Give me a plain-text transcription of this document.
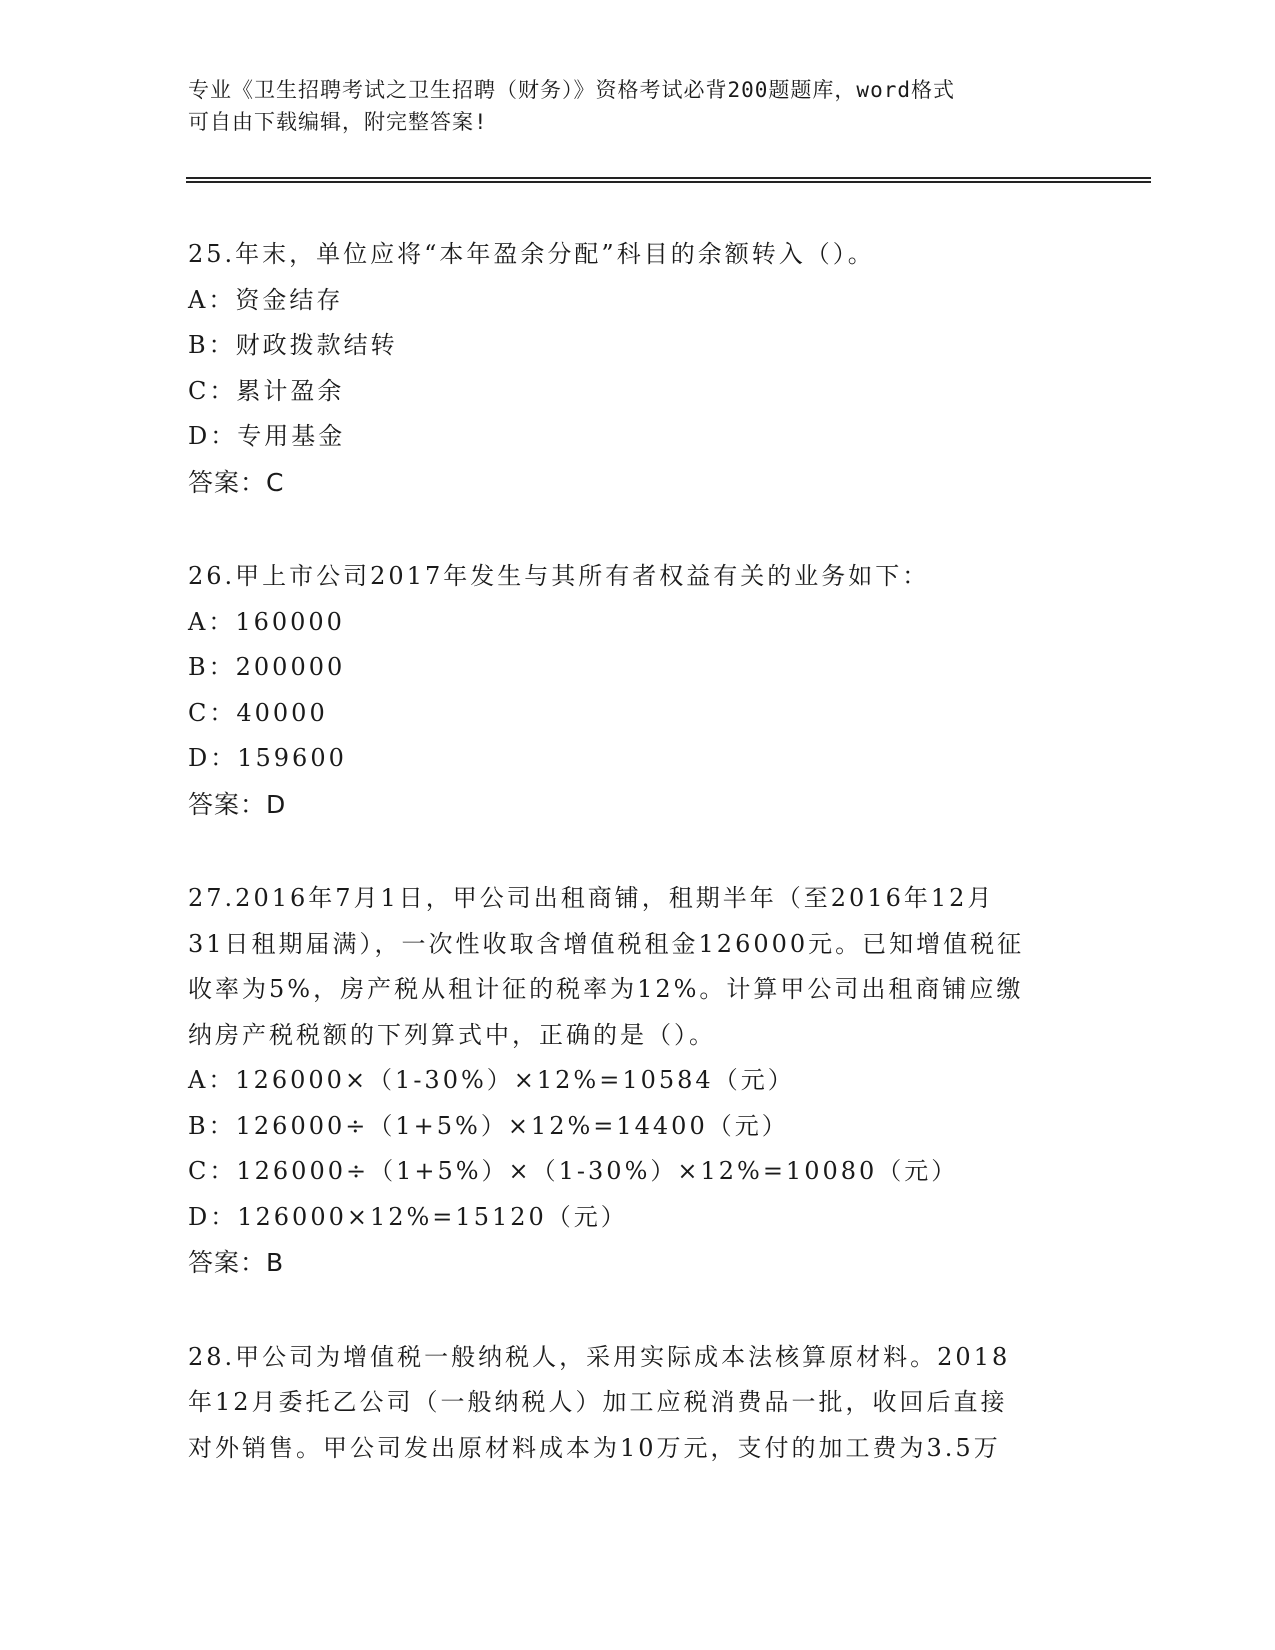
专业《卫生招聘考试之卫生招聘（财务）》资格考试必背200题题库，word格式
可自由下载编辑，附完整答案!
25.年末，单位应将“本年盈余分配”科目的余额转入（）。
A：资金结存
B：财政拨款结转
C：累计盈余
D：专用基金
答案：C
26.甲上市公司2017年发生与其所有者权益有关的业务如下：
A：160000
B：200000
C：40000
D：159600
答案：D
27.2016年7月1日，甲公司出租商铺，租期半年（至2016年12月
31日租期届满），一次性收取含增值税租金126000元。已知增值税征
收率为5%，房产税从租计征的税率为12%。计算甲公司出租商铺应缴
纳房产税税额的下列算式中，正确的是（）。
A：126000×（1-30%）×12%=10584（元）
B：126000÷（1+5%）×12%=14400（元）
C：126000÷（1+5%）×（1-30%）×12%=10080（元）
D：126000×12%=15120（元）
答案：B
28.甲公司为增值税一般纳税人，采用实际成本法核算原材料。2018
年12月委托乙公司（一般纳税人）加工应税消费品一批，收回后直接
对外销售。甲公司发出原材料成本为10万元，支付的加工费为3.5万
